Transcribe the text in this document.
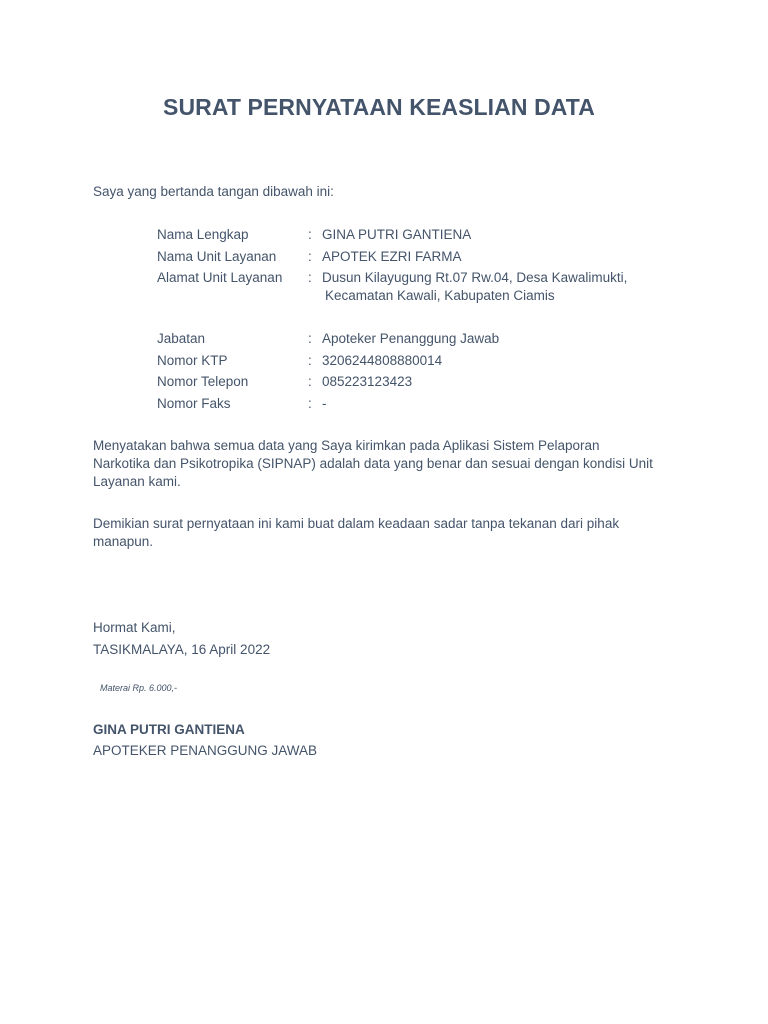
SURAT PERNYATAAN KEASLIAN DATA
Saya yang bertanda tangan dibawah ini:
Nama Lengkap	: GINA PUTRI GANTIENA
Nama Unit Layanan	: APOTEK EZRI FARMA
Alamat Unit Layanan	: Dusun Kilayugung Rt.07 Rw.04, Desa Kawalimukti,
Kecamatan Kawali, Kabupaten Ciamis
Jabatan	: Apoteker Penanggung Jawab
Nomor KTP	: 3206244808880014
Nomor Telepon	: 085223123423
Nomor Faks	: -
Menyatakan bahwa semua data yang Saya kirimkan pada Aplikasi Sistem Pelaporan Narkotika dan Psikotropika (SIPNAP) adalah data yang benar dan sesuai dengan kondisi Unit Layanan kami.
Demikian surat pernyataan ini kami buat dalam keadaan sadar tanpa tekanan dari pihak manapun.
Hormat Kami,
TASIKMALAYA, 16 April 2022
Materai Rp. 6.000,-
GINA PUTRI GANTIENA
APOTEKER PENANGGUNG JAWAB
